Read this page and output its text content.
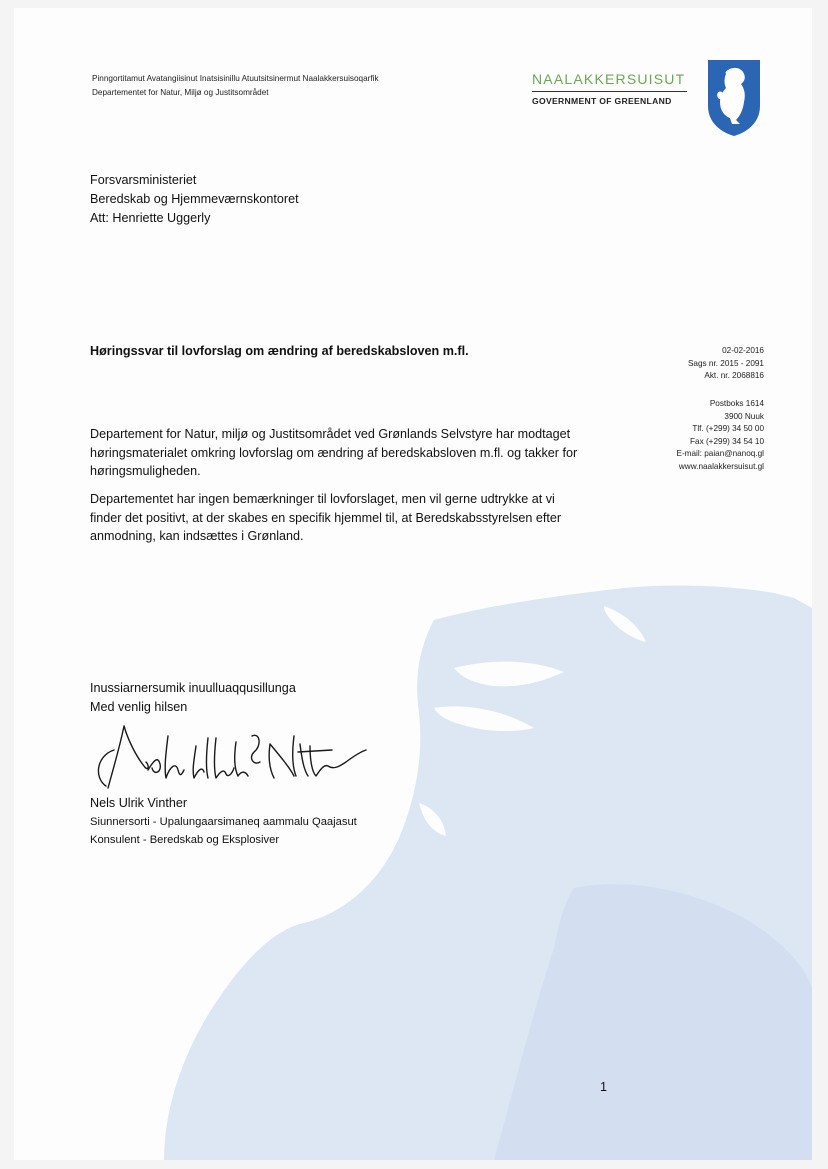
Pinngortitamut Avatangiisinut Inatsisinillu Atuutsitsinermut Naalakkersuisoqarfik
Departementet for Natur, Miljø og Justitsområdet
NAALAKKERSUISUT
GOVERNMENT OF GREENLAND
Forsvarsministeriet
Beredskab og Hjemmeværnskontoret
Att: Henriette Uggerly
Høringssvar til lovforslag om ændring af beredskabsloven m.fl.	02-02-2016
Sags nr. 2015 - 2091
Akt. nr. 2068816
Postboks 1614
3900 Nuuk
Tlf. (+299) 34 50 00
Fax (+299) 34 54 10
E-mail: paian@nanoq.gl
www.naalakkersuisut.gl
Departement for Natur, miljø og Justitsområdet ved Grønlands Selvstyre har modtaget
høringsmaterialet omkring lovforslag om ændring af beredskabsloven m.fl. og takker for
høringsmuligheden.
Departementet har ingen bemærkninger til lovforslaget, men vil gerne udtrykke at vi
finder det positivt, at der skabes en specifik hjemmel til, at Beredskabsstyrelsen efter
anmodning, kan indsættes i Grønland.
Inussiarnersumik inuulluaqqusillunga
Med venlig hilsen
Nels Ulrik Vinther
Siunnersorti - Upalungaarsimaneq aammalu Qaajasut
Konsulent - Beredskab og Eksplosiver
1
